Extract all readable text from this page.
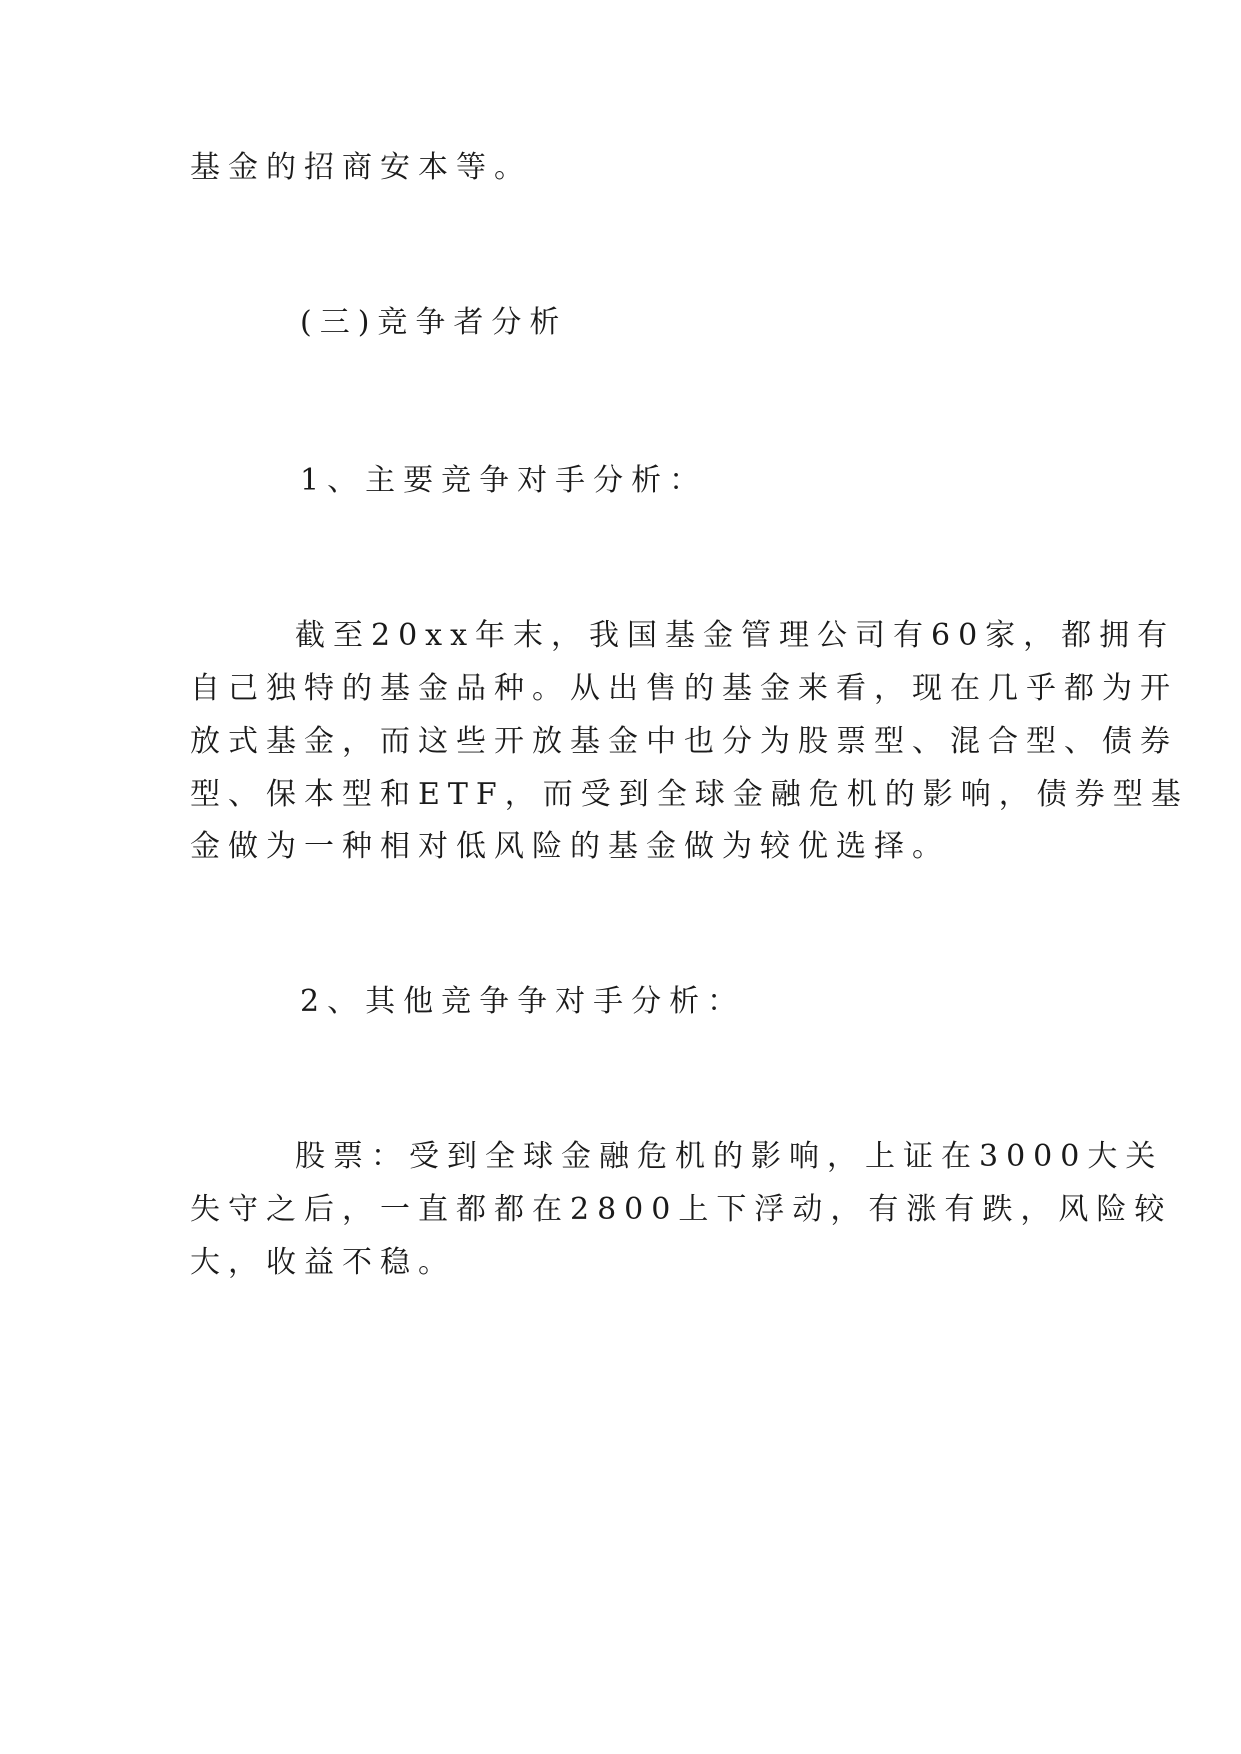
基金的招商安本等。

(三)竞争者分析

1、主要竞争对手分析：

截至20xx年末，我国基金管理公司有60家，都拥有

自己独特的基金品种。从出售的基金来看，现在几乎都为开

放式基金，而这些开放基金中也分为股票型、混合型、债券

型、保本型和ETF，而受到全球金融危机的影响，债券型基

金做为一种相对低风险的基金做为较优选择。

2、其他竞争争对手分析：

股票：受到全球金融危机的影响，上证在3000大关

失守之后，一直都都在2800上下浮动，有涨有跌，风险较

大，收益不稳。
